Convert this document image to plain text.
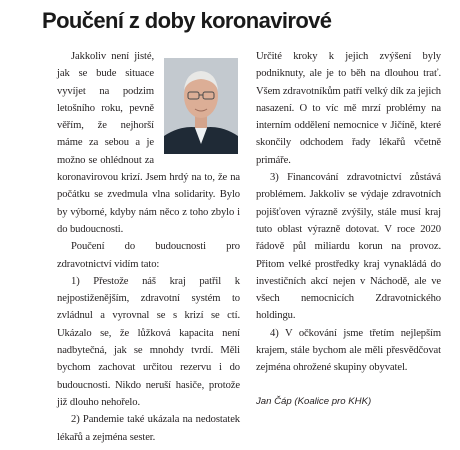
Poučení z doby koronavirové

Jakkoliv není jisté, jak se bude situace vyvíjet na podzim letošního roku, pevně věřím, že nejhorší máme za sebou a je možno se ohlédnout za koronavirovou krizí. Jsem hrdý na to, že na počátku se zvedmula vlna solidarity. Bylo by výborné, kdyby nám něco z toho zbylo i do budoucnosti.

Poučení do budoucnosti pro zdravotnictví vidím tato:

1) Přestože náš kraj patřil k nejpostiženějším, zdravotní systém to zvládnul a vyrovnal se s krizí se ctí. Ukázalo se, že lůžková kapacita není nadbytečná, jak se mnohdy tvrdí. Měli bychom zachovat určitou rezervu i do budoucnosti. Nikdo neruší hasiče, protože již dlouho nehořelo.

2) Pandemie také ukázala na nedostatek lékařů a zejména sester.

Určité kroky k jejich zvýšení byly podniknuty, ale je to běh na dlouhou trať. Všem zdravotníkům patří velký dík za jejich nasazení. O to víc mě mrzí problémy na interním oddělení nemocnice v Jičíně, které skončily odchodem řady lékařů včetně primáře.

3) Financování zdravotnictví zůstává problémem. Jakkoliv se výdaje zdravotních pojišťoven výrazně zvýšily, stále musí kraj tuto oblast výrazně dotovat. V roce 2020 řádově půl miliardu korun na provoz. Přitom velké prostředky kraj vynakládá do investičních akcí nejen v Náchodě, ale ve všech nemocnicích Zdravotnického holdingu.

4) V očkování jsme třetím nejlepším krajem, stále bychom ale měli přesvědčovat zejména ohrožené skupiny obyvatel.

Jan Čáp (Koalice pro KHK)
